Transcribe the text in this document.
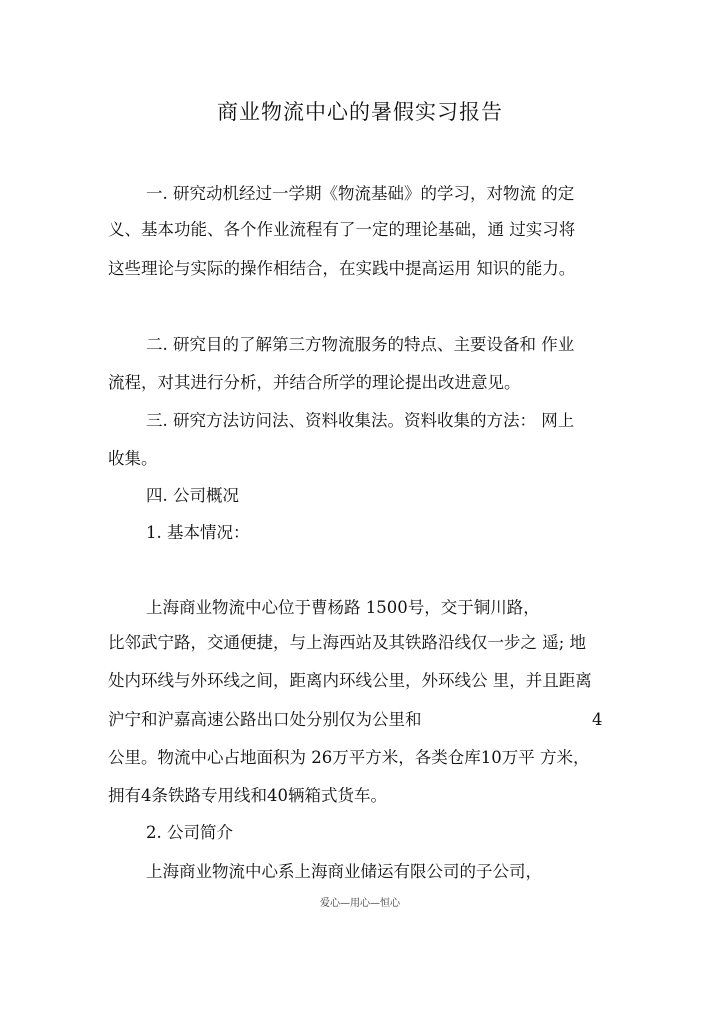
商业物流中心的暑假实习报告
一. 研究动机经过一学期《物流基础》的学习，对物流 的定
义、基本功能、各个作业流程有了一定的理论基础，通 过实习将
这些理论与实际的操作相结合，在实践中提高运用 知识的能力。
二. 研究目的了解第三方物流服务的特点、主要设备和 作业
流程，对其进行分析，并结合所学的理论提出改进意见。
三. 研究方法访问法、资料收集法。资料收集的方法： 网上
收集。
四. 公司概况
1. 基本情况：
上海商业物流中心位于曹杨路 1500号，交于铜川路，
比邻武宁路，交通便捷，与上海西站及其铁路沿线仅一步之 遥; 地
处内环线与外环线之间，距离内环线公里，外环线公 里，并且距离
沪宁和沪嘉高速公路出口处分别仅为公里和	4
公里。物流中心占地面积为 26万平方米，各类仓库10万平 方米，
拥有4条铁路专用线和40辆箱式货车。
2. 公司简介
上海商业物流中心系上海商业储运有限公司的子公司，
爱心—用心—恒心
